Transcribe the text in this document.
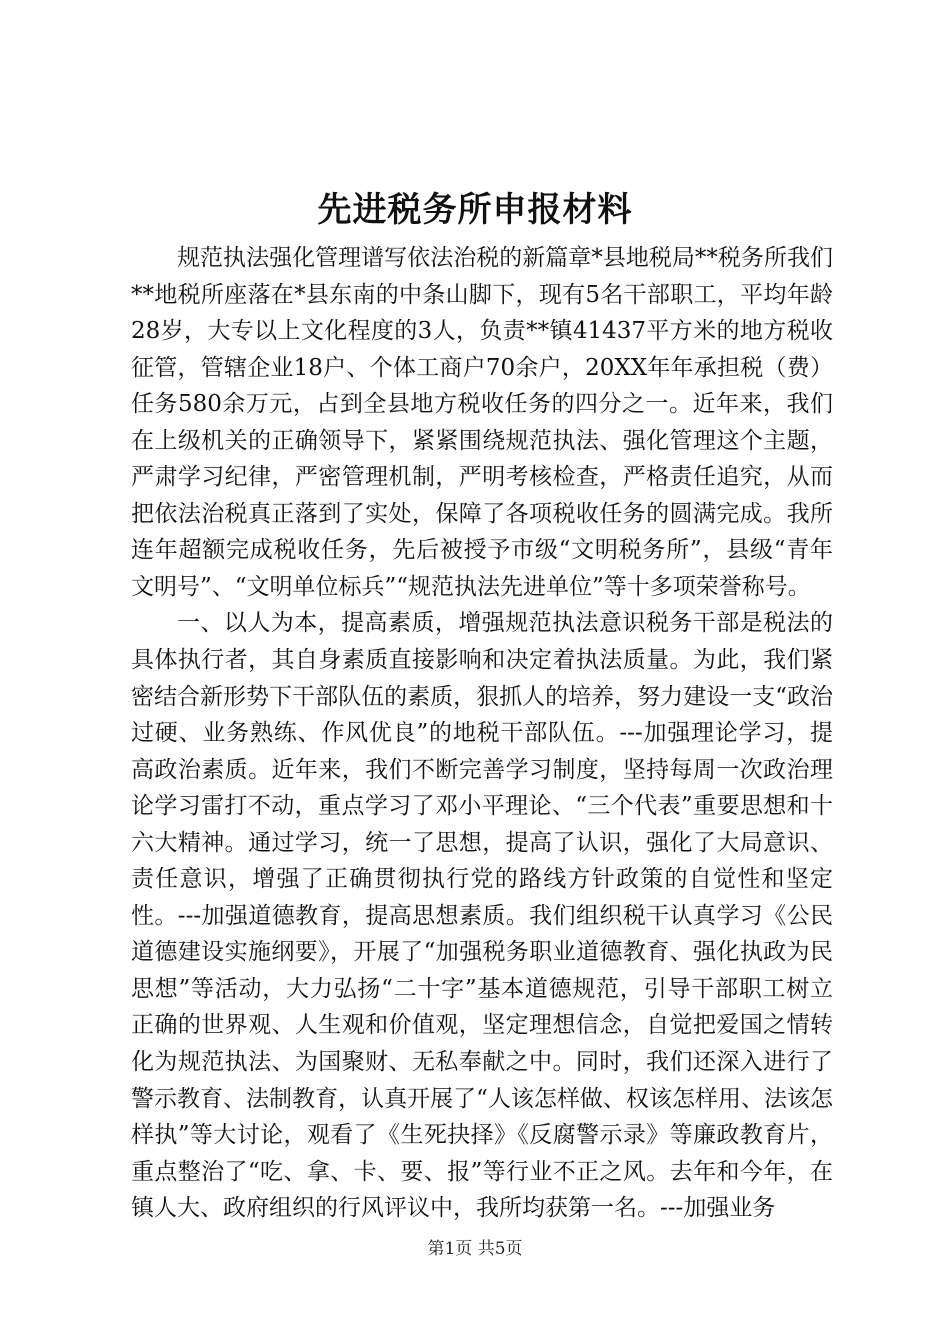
先进税务所申报材料

规范执法强化管理谱写依法治税的新篇章*县地税局**税务所我们**地税所座落在*县东南的中条山脚下，现有5名干部职工，平均年龄28岁，大专以上文化程度的3人，负责**镇41437平方米的地方税收征管，管辖企业18户、个体工商户70余户，20XX年年承担税（费）任务580余万元，占到全县地方税收任务的四分之一。近年来，我们在上级机关的正确领导下，紧紧围绕规范执法、强化管理这个主题，严肃学习纪律，严密管理机制，严明考核检查，严格责任追究，从而把依法治税真正落到了实处，保障了各项税收任务的圆满完成。我所连年超额完成税收任务，先后被授予市级“文明税务所”，县级“青年文明号”、“文明单位标兵”“规范执法先进单位”等十多项荣誉称号。

一、以人为本，提高素质，增强规范执法意识税务干部是税法的具体执行者，其自身素质直接影响和决定着执法质量。为此，我们紧密结合新形势下干部队伍的素质，狠抓人的培养，努力建设一支“政治过硬、业务熟练、作风优良”的地税干部队伍。---加强理论学习，提高政治素质。近年来，我们不断完善学习制度，坚持每周一次政治理论学习雷打不动，重点学习了邓小平理论、“三个代表”重要思想和十六大精神。通过学习，统一了思想，提高了认识，强化了大局意识、责任意识，增强了正确贯彻执行党的路线方针政策的自觉性和坚定性。---加强道德教育，提高思想素质。我们组织税干认真学习《公民道德建设实施纲要》，开展了“加强税务职业道德教育、强化执政为民思想”等活动，大力弘扬“二十字”基本道德规范，引导干部职工树立正确的世界观、人生观和价值观，坚定理想信念，自觉把爱国之情转化为规范执法、为国聚财、无私奉献之中。同时，我们还深入进行了警示教育、法制教育，认真开展了“人该怎样做、权该怎样用、法该怎样执”等大讨论，观看了《生死抉择》《反腐警示录》等廉政教育片，重点整治了“吃、拿、卡、要、报”等行业不正之风。去年和今年，在镇人大、政府组织的行风评议中，我所均获第一名。---加强业务

第1页 共5页
